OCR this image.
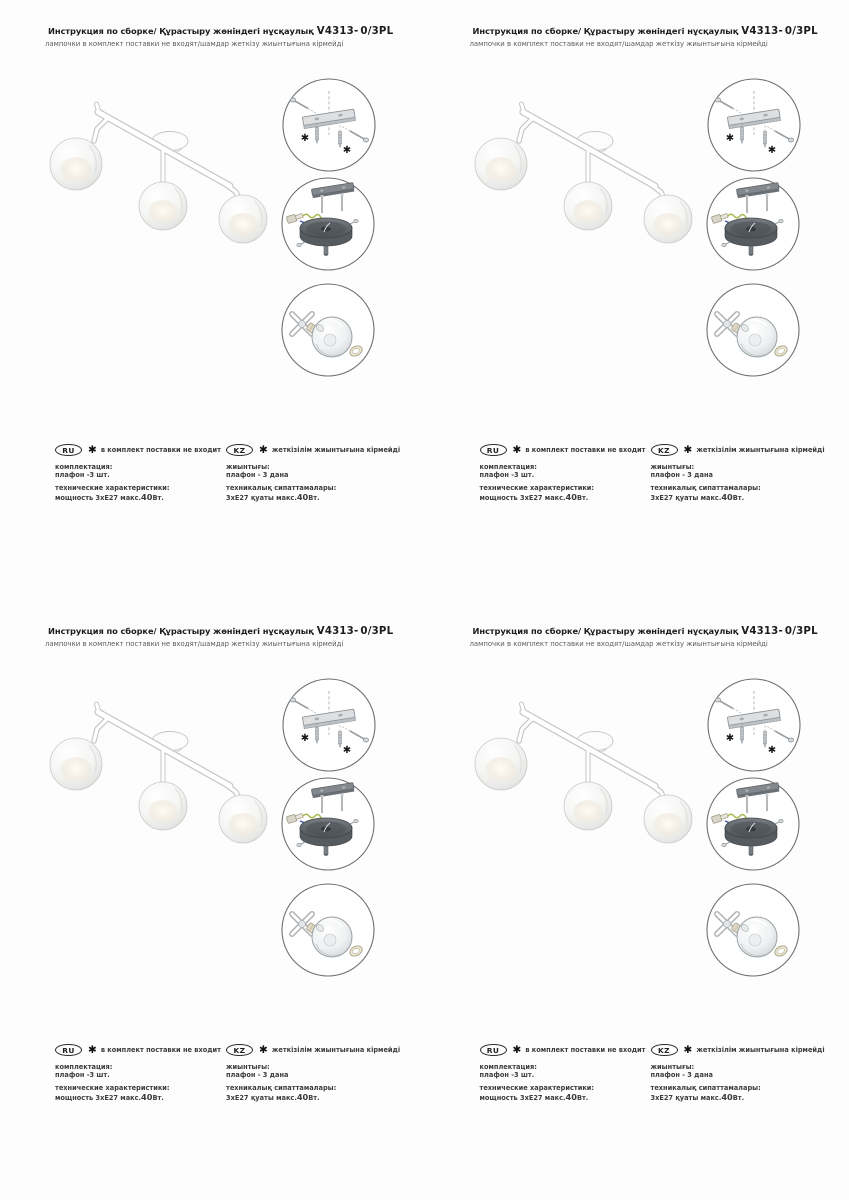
Инструкция по сборке/ Құрастыру жөніндегі нұсқаулық V4313- 0/3PL
лампочки в комплект поставки не входят/шамдар жеткізу жиынтығына кірмейді
✱
✱
RU	✱ в комплект поставки не входит
комплектация:
плафон -3 шт.
технические характеристики:
мощность 3хЕ27 макс.40Вт.
KZ	✱ жеткізілім жиынтығына кірмейді
жиынтығы:
плафон - 3 дана
техникалық сипаттамалары:
3хЕ27 қуаты макс.40Вт.
Инструкция по сборке/ Құрастыру жөніндегі нұсқаулық V4313- 0/3PL
лампочки в комплект поставки не входят/шамдар жеткізу жиынтығына кірмейді
✱
✱
RU	✱ в комплект поставки не входит
комплектация:
плафон -3 шт.
технические характеристики:
мощность 3хЕ27 макс.40Вт.
KZ	✱ жеткізілім жиынтығына кірмейді
жиынтығы:
плафон - 3 дана
техникалық сипаттамалары:
3хЕ27 қуаты макс.40Вт.
Инструкция по сборке/ Құрастыру жөніндегі нұсқаулық V4313- 0/3PL
лампочки в комплект поставки не входят/шамдар жеткізу жиынтығына кірмейді
✱
✱
RU	✱ в комплект поставки не входит
комплектация:
плафон -3 шт.
технические характеристики:
мощность 3хЕ27 макс.40Вт.
KZ	✱ жеткізілім жиынтығына кірмейді
жиынтығы:
плафон - 3 дана
техникалық сипаттамалары:
3хЕ27 қуаты макс.40Вт.
Инструкция по сборке/ Құрастыру жөніндегі нұсқаулық V4313- 0/3PL
лампочки в комплект поставки не входят/шамдар жеткізу жиынтығына кірмейді
✱
✱
RU	✱ в комплект поставки не входит
комплектация:
плафон -3 шт.
технические характеристики:
мощность 3хЕ27 макс.40Вт.
KZ	✱ жеткізілім жиынтығына кірмейді
жиынтығы:
плафон - 3 дана
техникалық сипаттамалары:
3хЕ27 қуаты макс.40Вт.
